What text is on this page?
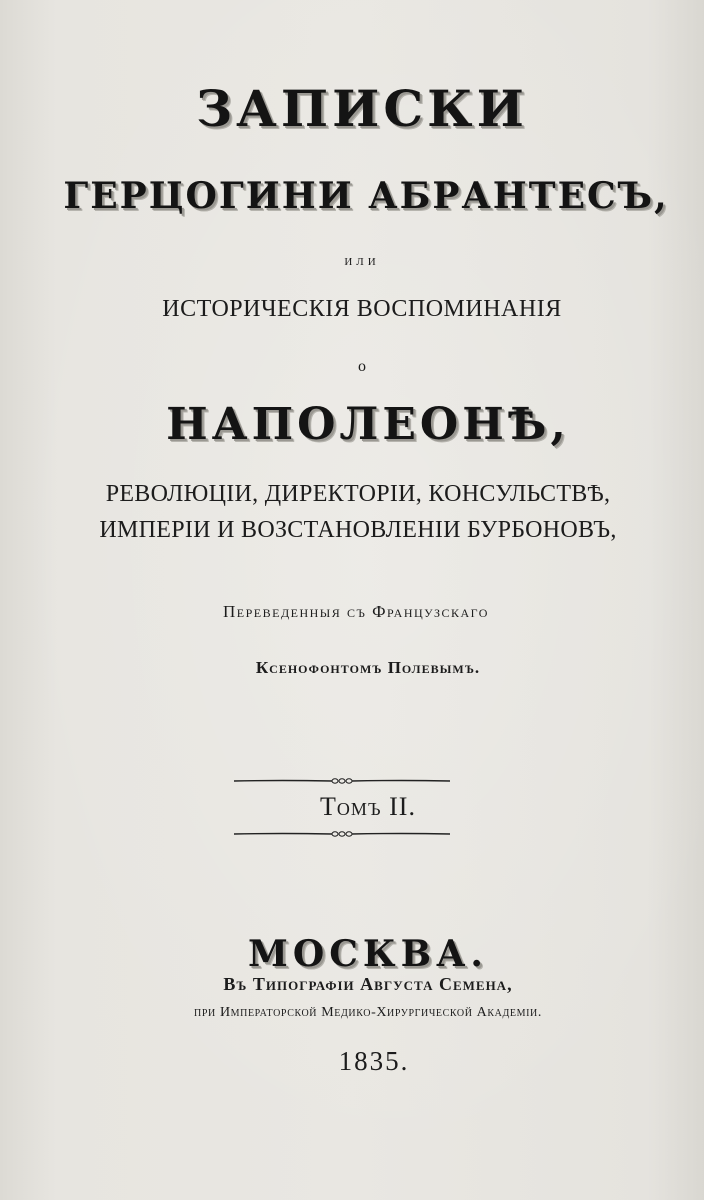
ЗАПИСКИ
ГЕРЦОГИНИ АБРАНТЕСЪ,
или
ИСТОРИЧЕСКІЯ ВОСПОМИНАНІЯ
о
НАПОЛЕОНѢ,
РЕВОЛЮЦІИ, ДИРЕКТОРІИ, КОНСУЛЬСТВѢ,
ИМПЕРІИ И ВОЗСТАНОВЛЕНІИ БУРБОНОВЪ,
Переведенныя съ Французскаго
Ксенофонтомъ Полевымъ.
Томъ II.
МОСКВА.
Въ Типографіи Августа Семена,
при Императорской Медико-Хирургической Академіи.
1835.
